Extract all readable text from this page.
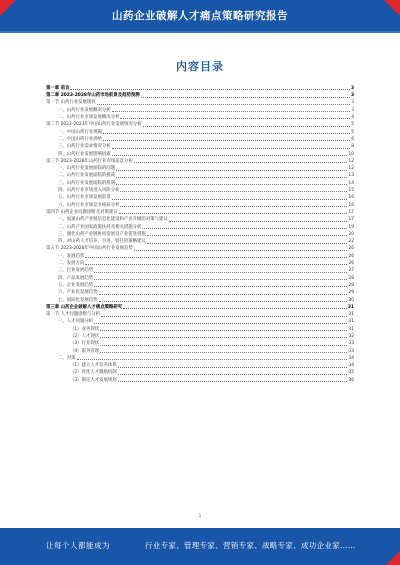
山药企业破解人才痛点策略研究报告
内容目录
第一章 前言	3
第二章 2023-2028年山药市场前景及趋势预测	3
第一节 山药行业发展现状	3
一、山药行业发展概况分析	3
二、山药行业市场发展概况分析	4
第二节 2022-2023年中国山药行业发展情况分析	5
一、中国山药行业规模	5
二、中国山药行业供给	6
三、山药行业需求情况分析	8
四、山药行业发展影响因素	10
第三节 2023-2028年山药行业市场前景分析	12
一、山药行业发展面临的问题	12
二、山药行业发展面临的挑战	13
三、山药行业发展面临的机遇	14
四、山药行业市场进入风险分析	15
五、山药行业市场发展前景	16
六、山药行业市场竞争格局分析	16
第四节 山药企业问题诊断及对策建议	17
一、加速山药产业链信息化建设和产业升级的对策与建议	17
二、山药产业国家政策扶持及相关措施分析	19
三、强化山药产业链协同发展及产业促进措施	20
四、对山药人才培养、引进、留任的策略建议	22
第五节 2023-2028年中国山药行业发展趋势	26
一、发展趋势	26
二、发展方向	26
三、行业发展趋势	27
四、产品发展趋势	28
五、企业发展趋势	28
六、产业化发展趋势	29
七、国际化发展趋势	30
第三章 山药企业破解人才痛点策略研究	31
第一节 人才问题诊断与分析	31
一、人才问题分析	31
（1）业务现状	31
（2）人才现状	32
（3）行业现状	33
（4）职务管理	33
二、对策	34
（1）建立人才培养体系	34
（2）优化人才激励机制	35
（3）制定人才发展规划	36
1
让每个人都能成为	行业专家、管理专家、营销专家、战略专家、成功企业家……
